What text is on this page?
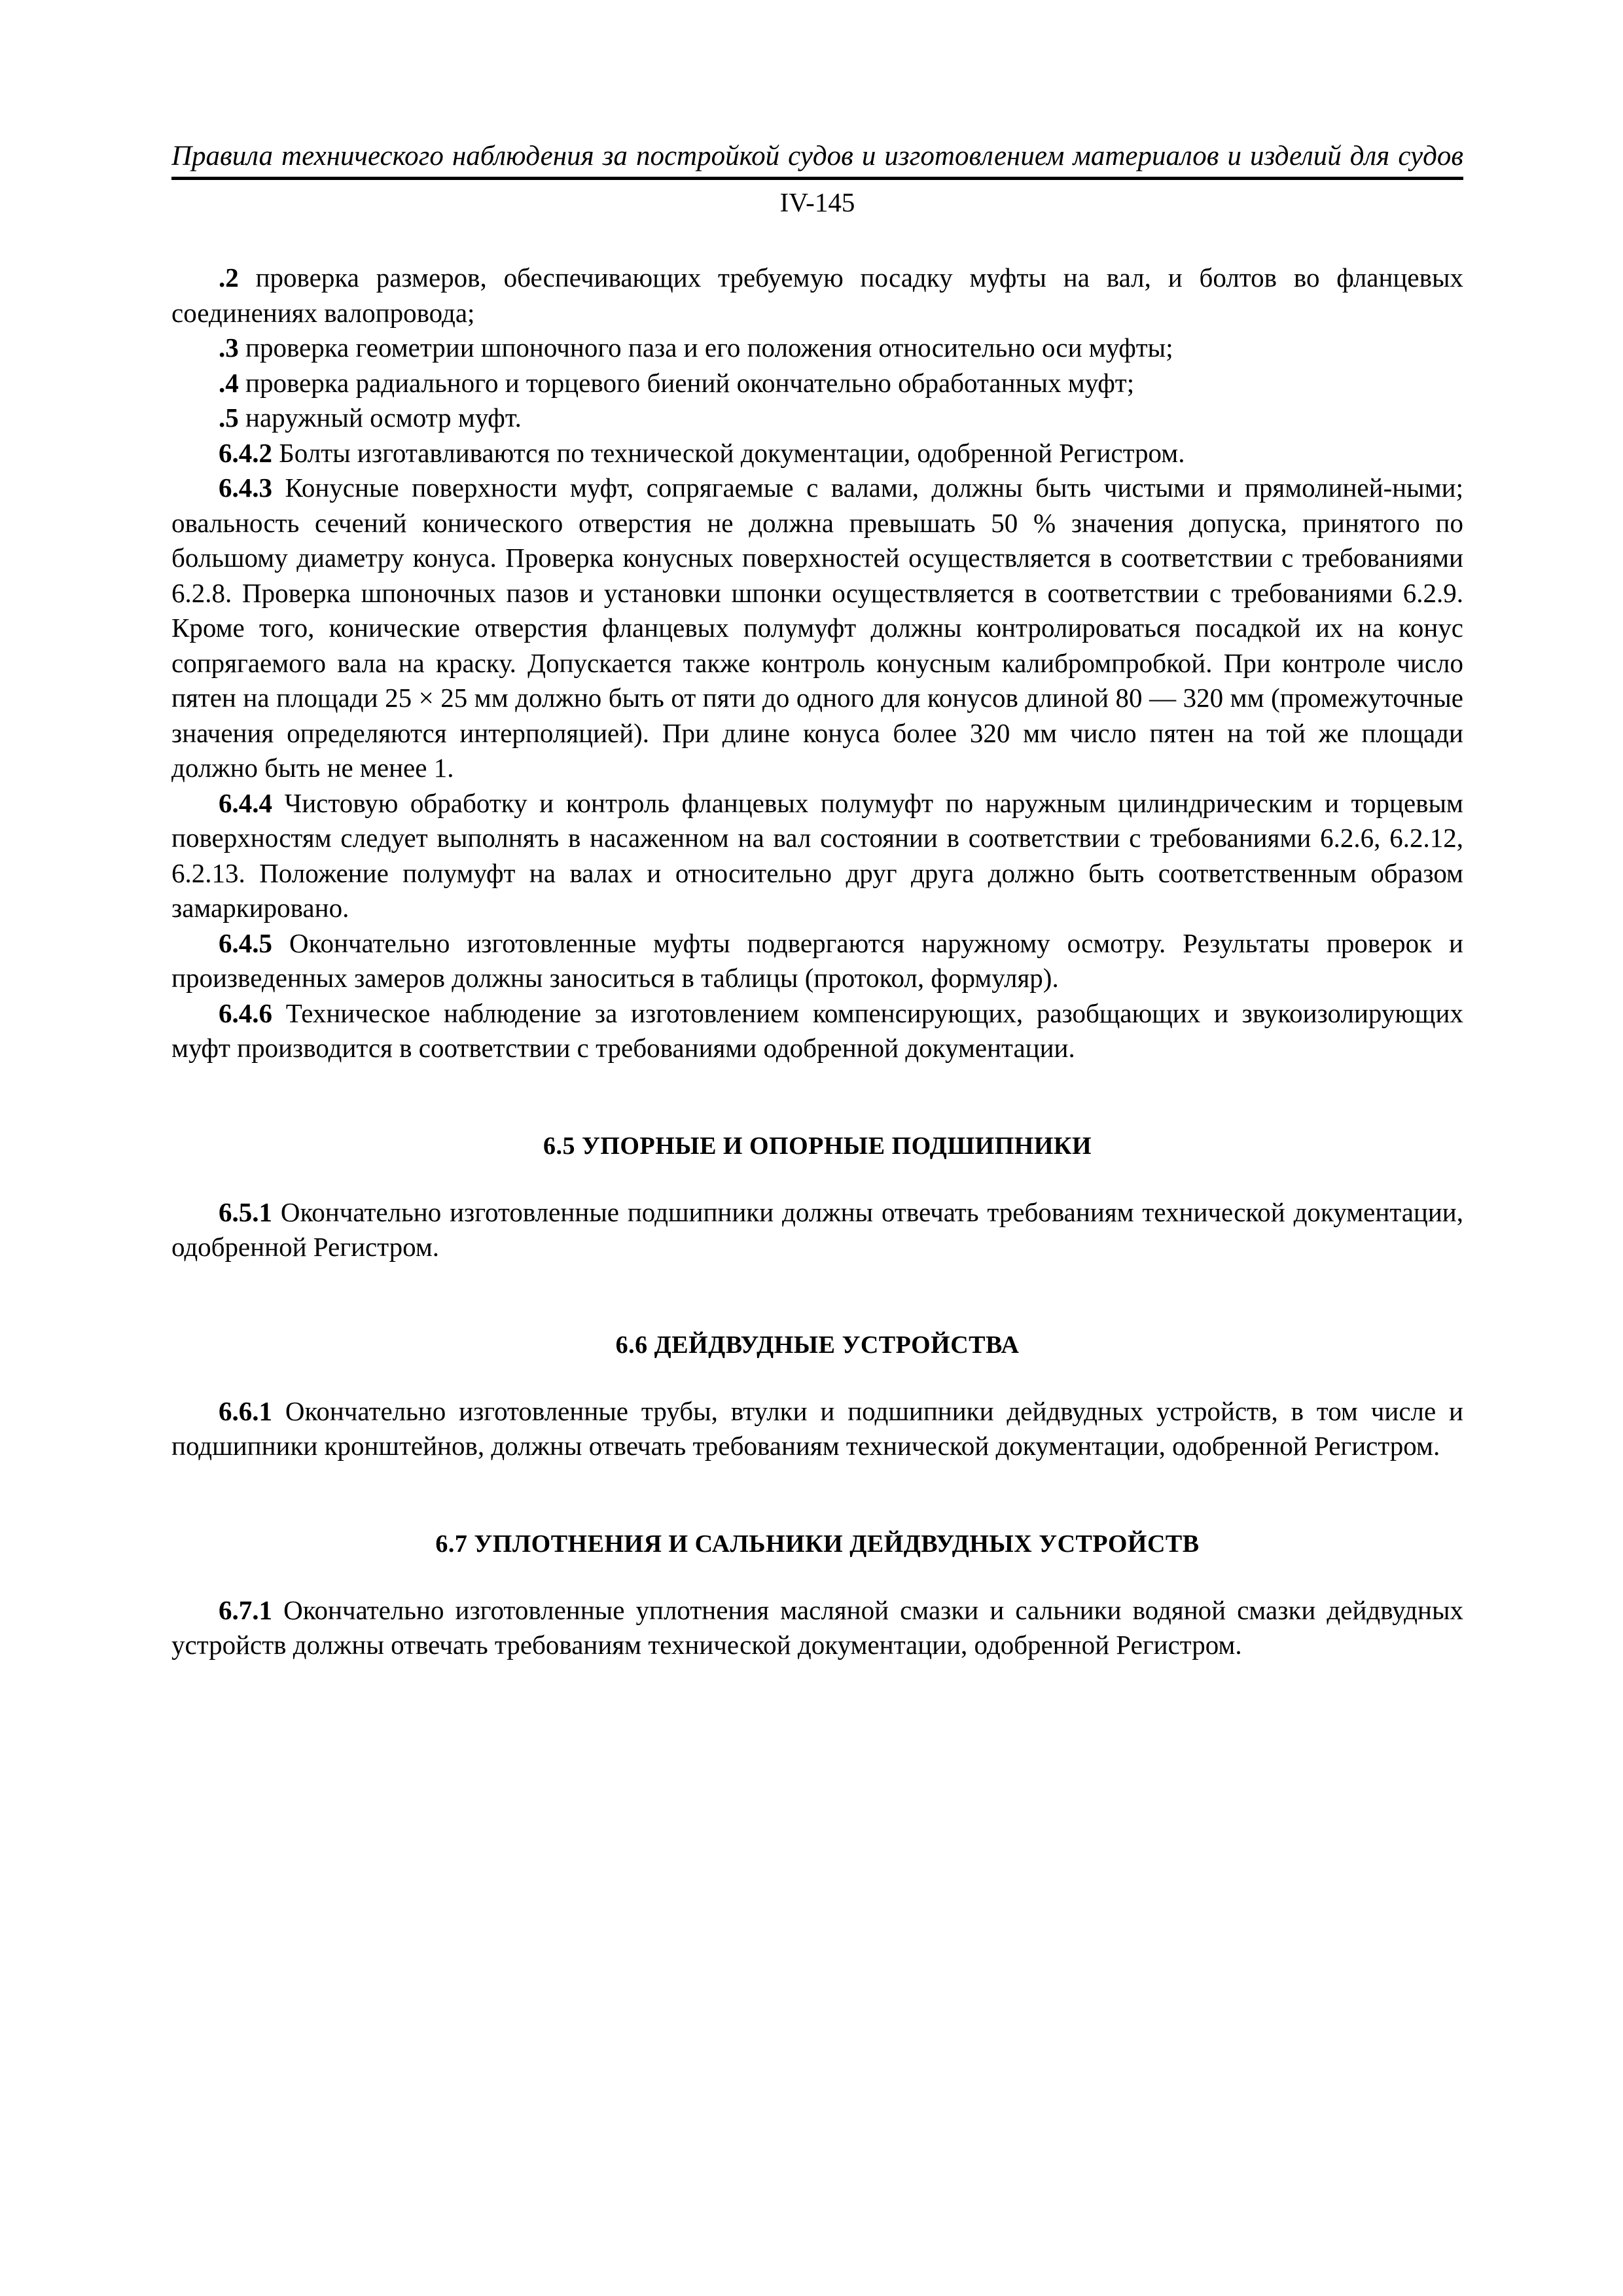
Правила технического наблюдения за постройкой судов и изготовлением материалов и изделий для судов
IV-145

.2 проверка размеров, обеспечивающих требуемую посадку муфты на вал, и болтов во фланцевых соединениях валопровода;

.3 проверка геометрии шпоночного паза и его положения относительно оси муфты;

.4 проверка радиального и торцевого биений окончательно обработанных муфт;

.5 наружный осмотр муфт.

6.4.2 Болты изготавливаются по технической документации, одобренной Регистром.

6.4.3 Конусные поверхности муфт, сопрягаемые с валами, должны быть чистыми и прямолиней-ными; овальность сечений конического отверстия не должна превышать 50 % значения допуска, принятого по большому диаметру конуса. Проверка конусных поверхностей осуществляется в соответствии с требованиями 6.2.8. Проверка шпоночных пазов и установки шпонки осуществляется в соответствии с требованиями 6.2.9. Кроме того, конические отверстия фланцевых полумуфт должны контролироваться посадкой их на конус сопрягаемого вала на краску. Допускается также контроль конусным калибромпробкой. При контроле число пятен на площади 25 × 25 мм должно быть от пяти до одного для конусов длиной 80 — 320 мм (промежуточные значения определяются интерполяцией). При длине конуса более 320 мм число пятен на той же площади должно быть не менее 1.

6.4.4 Чистовую обработку и контроль фланцевых полумуфт по наружным цилиндрическим и торцевым поверхностям следует выполнять в насаженном на вал состоянии в соответствии с требованиями 6.2.6, 6.2.12, 6.2.13. Положение полумуфт на валах и относительно друг друга должно быть соответственным образом замаркировано.

6.4.5 Окончательно изготовленные муфты подвергаются наружному осмотру. Результаты проверок и произведенных замеров должны заноситься в таблицы (протокол, формуляр).

6.4.6 Техническое наблюдение за изготовлением компенсирующих, разобщающих и звукоизолирующих муфт производится в соответствии с требованиями одобренной документации.

6.5 УПОРНЫЕ И ОПОРНЫЕ ПОДШИПНИКИ

6.5.1 Окончательно изготовленные подшипники должны отвечать требованиям технической документации, одобренной Регистром.

6.6 ДЕЙДВУДНЫЕ УСТРОЙСТВА

6.6.1 Окончательно изготовленные трубы, втулки и подшипники дейдвудных устройств, в том числе и подшипники кронштейнов, должны отвечать требованиям технической документации, одобренной Регистром.

6.7 УПЛОТНЕНИЯ И САЛЬНИКИ ДЕЙДВУДНЫХ УСТРОЙСТВ

6.7.1 Окончательно изготовленные уплотнения масляной смазки и сальники водяной смазки дейдвудных устройств должны отвечать требованиям технической документации, одобренной Регистром.
